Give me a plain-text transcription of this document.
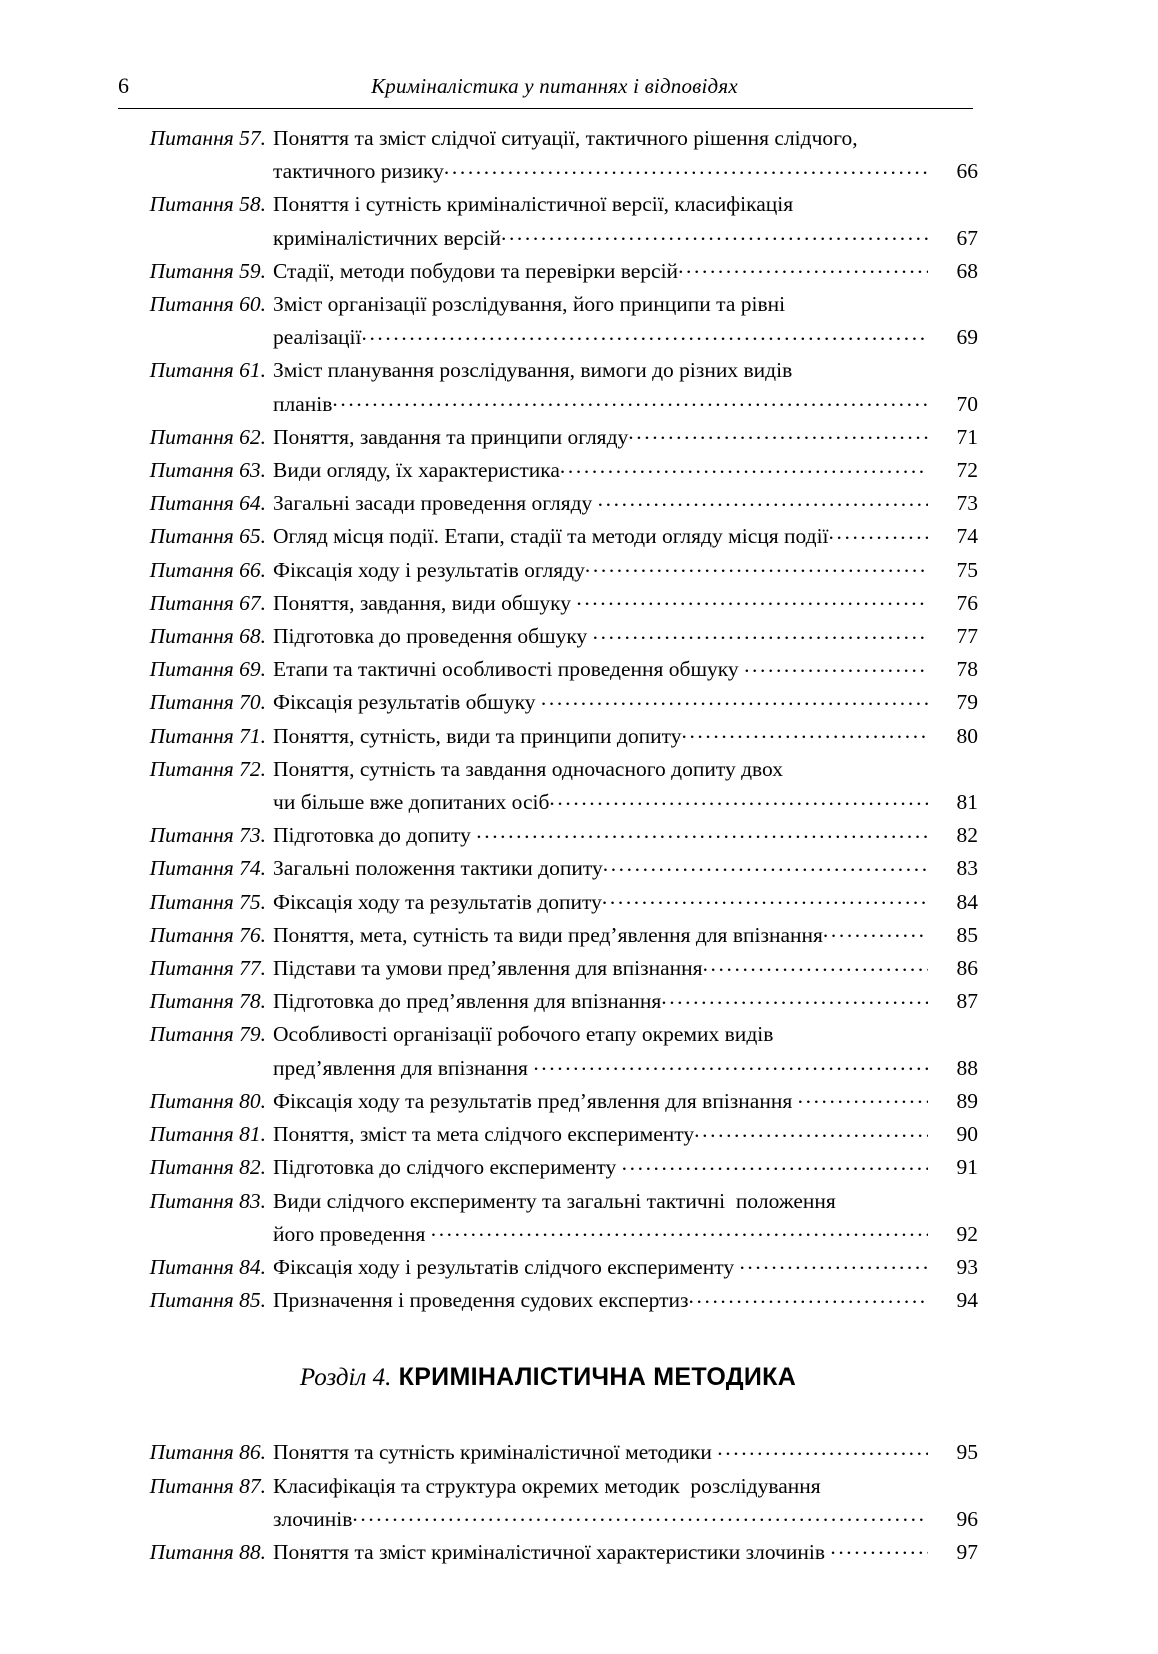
6	Криміналістика у питаннях і відповідях
Питання 57. Поняття та зміст слідчої ситуації, тактичного рішення слідчого,
тактичного ризику .....	66
Питання 58. Поняття і сутність криміналістичної версії, класифікація
криміналістичних версій .....	67
Питання 59. Стадії, методи побудови та перевірки версій .....	68
Питання 60. Зміст організації розслідування, його принципи та рівні
реалізації .....	69
Питання 61. Зміст планування розслідування, вимоги до різних видів
планів .....	70
Питання 62. Поняття, завдання та принципи огляду .....	71
Питання 63. Види огляду, їх характеристика .....	72
Питання 64. Загальні засади проведення огляду .....	73
Питання 65. Огляд місця події. Етапи, стадії та методи огляду місця події .....	74
Питання 66. Фіксація ходу і результатів огляду .....	75
Питання 67. Поняття, завдання, види обшуку .....	76
Питання 68. Підготовка до проведення обшуку .....	77
Питання 69. Етапи та тактичні особливості проведення обшуку .....	78
Питання 70. Фіксація результатів обшуку .....	79
Питання 71. Поняття, сутність, види та принципи допиту .....	80
Питання 72. Поняття, сутність та завдання одночасного допиту двох
чи більше вже допитаних осіб .....	81
Питання 73. Підготовка до допиту .....	82
Питання 74. Загальні положення тактики допиту .....	83
Питання 75. Фіксація ходу та результатів допиту .....	84
Питання 76. Поняття, мета, сутність та види пред’явлення для впізнання .....	85
Питання 77. Підстави та умови пред’явлення для впізнання .....	86
Питання 78. Підготовка до пред’явлення для впізнання .....	87
Питання 79. Особливості організації робочого етапу окремих видів
пред’явлення для впізнання .....	88
Питання 80. Фіксація ходу та результатів пред’явлення для впізнання .....	89
Питання 81. Поняття, зміст та мета слідчого експерименту .....	90
Питання 82. Підготовка до слідчого експерименту .....	91
Питання 83. Види слідчого експерименту та загальні тактичні  положення
його проведення .....	92
Питання 84. Фіксація ходу і результатів слідчого експерименту .....	93
Питання 85. Призначення і проведення судових експертиз .....	94
Розділ 4. КРИМІНАЛІСТИЧНА МЕТОДИКА
Питання 86. Поняття та сутність криміналістичної методики .....	95
Питання 87. Класифікація та структура окремих методик  розслідування
злочинів .....	96
Питання 88. Поняття та зміст криміналістичної характеристики злочинів .....	97
